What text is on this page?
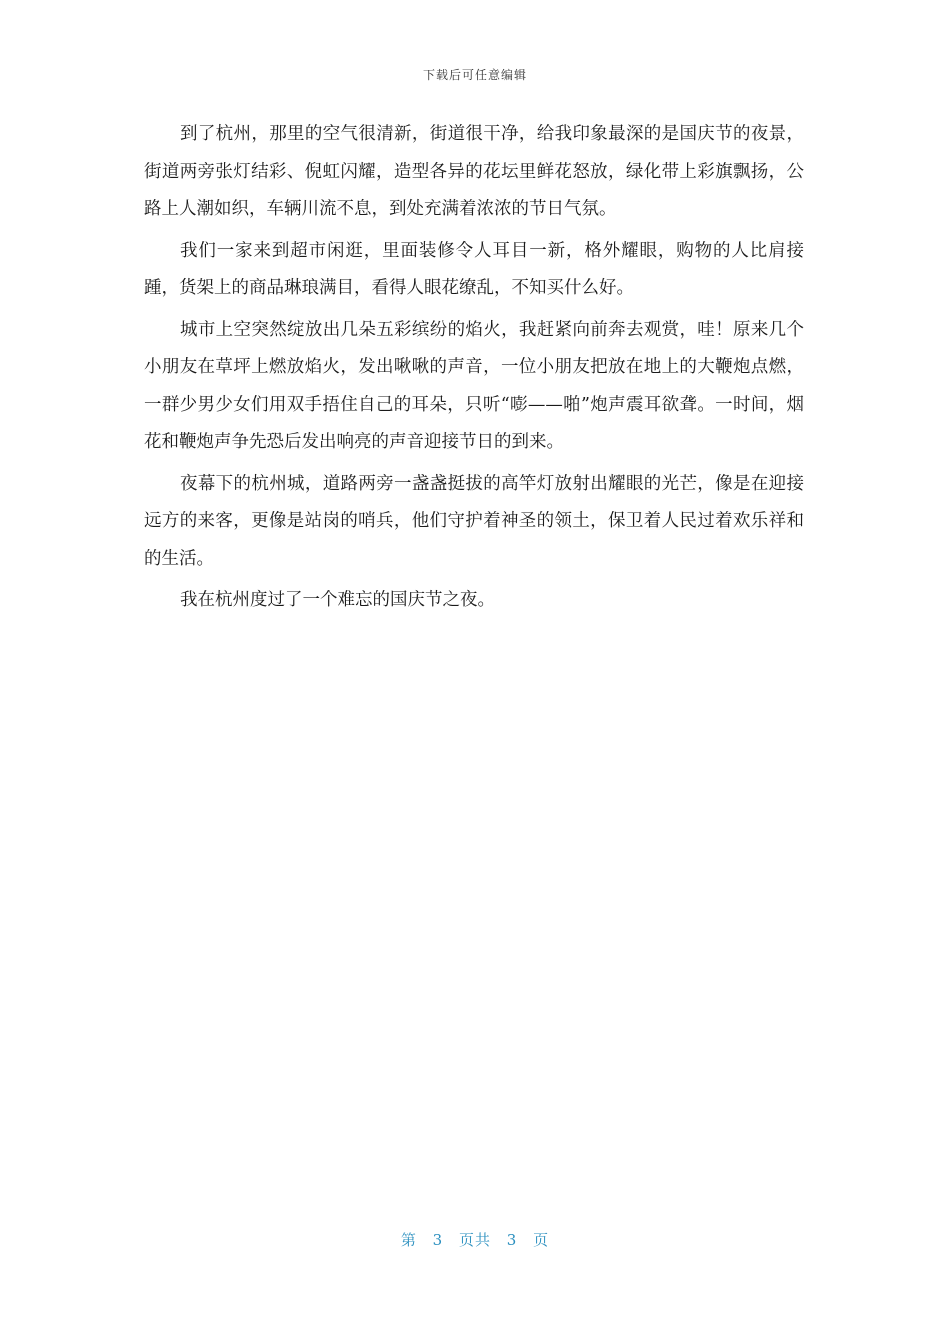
下载后可任意编辑

到了杭州，那里的空气很清新，街道很干净，给我印象最深的是国庆节的夜景，街道两旁张灯结彩、倪虹闪耀，造型各异的花坛里鲜花怒放，绿化带上彩旗飘扬，公路上人潮如织，车辆川流不息，到处充满着浓浓的节日气氛。

我们一家来到超市闲逛，里面装修令人耳目一新，格外耀眼，购物的人比肩接踵，货架上的商品琳琅满目，看得人眼花缭乱，不知买什么好。

城市上空突然绽放出几朵五彩缤纷的焰火，我赶紧向前奔去观赏，哇！原来几个小朋友在草坪上燃放焰火，发出啾啾的声音，一位小朋友把放在地上的大鞭炮点燃，一群少男少女们用双手捂住自己的耳朵，只听“嘭——啪”炮声震耳欲聋。一时间，烟花和鞭炮声争先恐后发出响亮的声音迎接节日的到来。

夜幕下的杭州城，道路两旁一盏盏挺拔的高竿灯放射出耀眼的光芒，像是在迎接远方的来客，更像是站岗的哨兵，他们守护着神圣的领土，保卫着人民过着欢乐祥和的生活。

我在杭州度过了一个难忘的国庆节之夜。

第 3 页共 3 页
